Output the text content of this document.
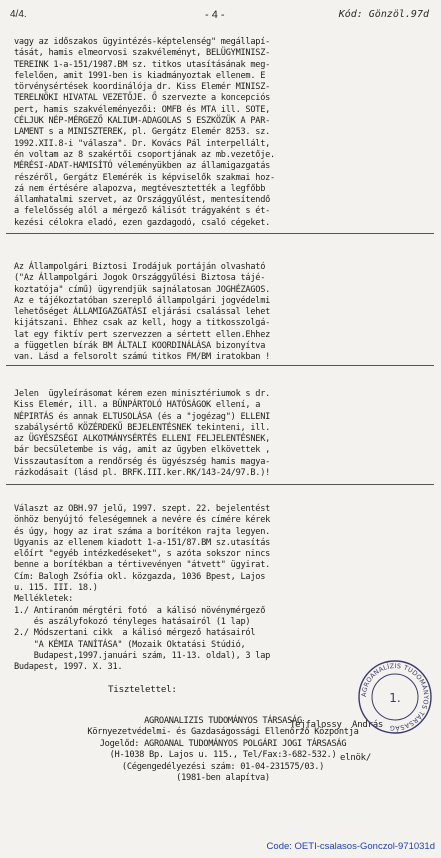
4/4.	- 4 -	Kód: Gönzöl.97d
vagy az időszakos ügyintézés-képtelenség" megállapí-
tását, hamis elmeorvosi szakvéleményt, BELÜGYMINISZ-
TEREINK 1-a-151/1987.BM sz. titkos utasításának meg-
felelően, amit 1991-ben is kiadmányoztak ellenem. E
törvénysértések koordinálója dr. Kiss Elemér MINISZ-
TERELNÖKI HIVATAL VEZETŐJE. Ő szervezte a koncepciós
pert, hamis szakvéleményezői: OMFB és MTA ill. SOTE,
CÉLJUK NÉP-MÉRGEZŐ KALIUM-ADAGOLAS S ESZKÖZÜK A PAR-
LAMENT s a MINISZTEREK, pl. Gergátz Elemér 8253. sz.
1992.XII.8-i "válasza". Dr. Kovács Pál interpellált,
én voltam az 8 szakértői csoportjának az mb.vezetője.
MÉRÉSI-ADAT-HAMISÍTÓ véleményükben az államigazgatás
részéről, Gergátz Elemérék is képviselők szakmai hoz-
zá nem értésére alapozva, megtévesztették a legfőbb
államhatalmi szervet, az Országgyűlést, mentesítendő
a felelősség alól a mérgező kálisót trágyaként s ét-
kezési célokra eladó, ezen gazdagodó, csaló cégeket.
Az Állampolgári Biztosi Irodájuk portáján olvasható
("Az Állampolgári Jogok Országgyűlési Biztosa tájé-
koztatója" című) ügyrendjük sajnálatosan JOGHÉZAGOS.
Az e tájékoztatóban szereplő állampolgári jogvédelmi
lehetőséget ÁLLAMIGAZGATÁSI eljárási csalással lehet
kijátszani. Ehhez csak az kell, hogy a titkosszolgá-
lat egy fiktív pert szervezzen a sértett ellen.Ehhez
a független bírák BM ÁLTALI KOORDINÁLÁSA bizonyítva
van. Lásd a felsorolt számú titkos FM/BM iratokban !
Jelen  ügyleírásomat kérem ezen minisztériumok s dr.
Kiss Elemér, ill. a BŰNPÁRTOLÓ HATÓSÁGOK ellení, a
NÉPIRTÁS és annak ELTUSOLÁSA (és a "jogézag") ELLENI
szabálysértő KÖZÉRDEKŰ BEJELENTÉSNEK tekinteni, ill.
az ÜGYÉSZSÉGI ALKOTMÁNYSÉRTÉS ELLENI FELJELENTÉSNEK,
bár becsületembe is vág, amit az ügyben elkövettek ,
Visszautasítom a rendőrség és ügyészség hamis magya-
rázkodásait (lásd pl. BRFK.III.ker.RK/143-24/97.B.)!
Választ az OBH.97 jelű, 1997. szept. 22. bejelentést
önhöz benyújtó feleségemnek a nevére és címére kérek
és úgy, hogy az irat száma a borítékon rajta legyen.
Ugyanis az ellenem kiadott 1-a-151/87.BM sz.utasítás
előírt "egyéb intézkedéseket", s azóta sokszor nincs
benne a borítékban a tértivevényen "átvett" ügyirat.
Cím: Balogh Zsófia okl. közgazda, 1036 Bpest, Lajos
u. 115. III. 18.)
Mellékletek:
1./ Antiranóm mérgtéri fotó  a kálisó növénymérgező
és aszályfokozó tényleges hatásairól (1 lap)
2./ Módszertani cikk  a kálisó mérgező hatásairól
"A KÉMIA TANÍTÁSA" (Mozaik Oktatási Stúdió,
Budapest,1997.januári szám, 11-13. oldal), 3 lap
Budapest, 1997. X. 31.
Tisztelettel:

Tejfalossy  András

elnök/

AGROANALÍZIS TUDOMÁNYOS TÁRSASÁG
1.
AGROANALIZIS TUDOMÁNYOS TÁRSASÁG
Környezetvédelmi- és Gazdaságossági Ellenőrző Központja
Jogelőd: AGROANAL TUDOMÁNYOS POLGÁRI JOGI TÁRSASÁG
(H-1038 Bp. Lajos u. 115., Tel/Fax:3-682-532.)
(Cégengedélyezési szám: 01-04-231575/03.)
(1981-ben alapítva)
Code: OETI-csalasos-Gonczol-971031d
